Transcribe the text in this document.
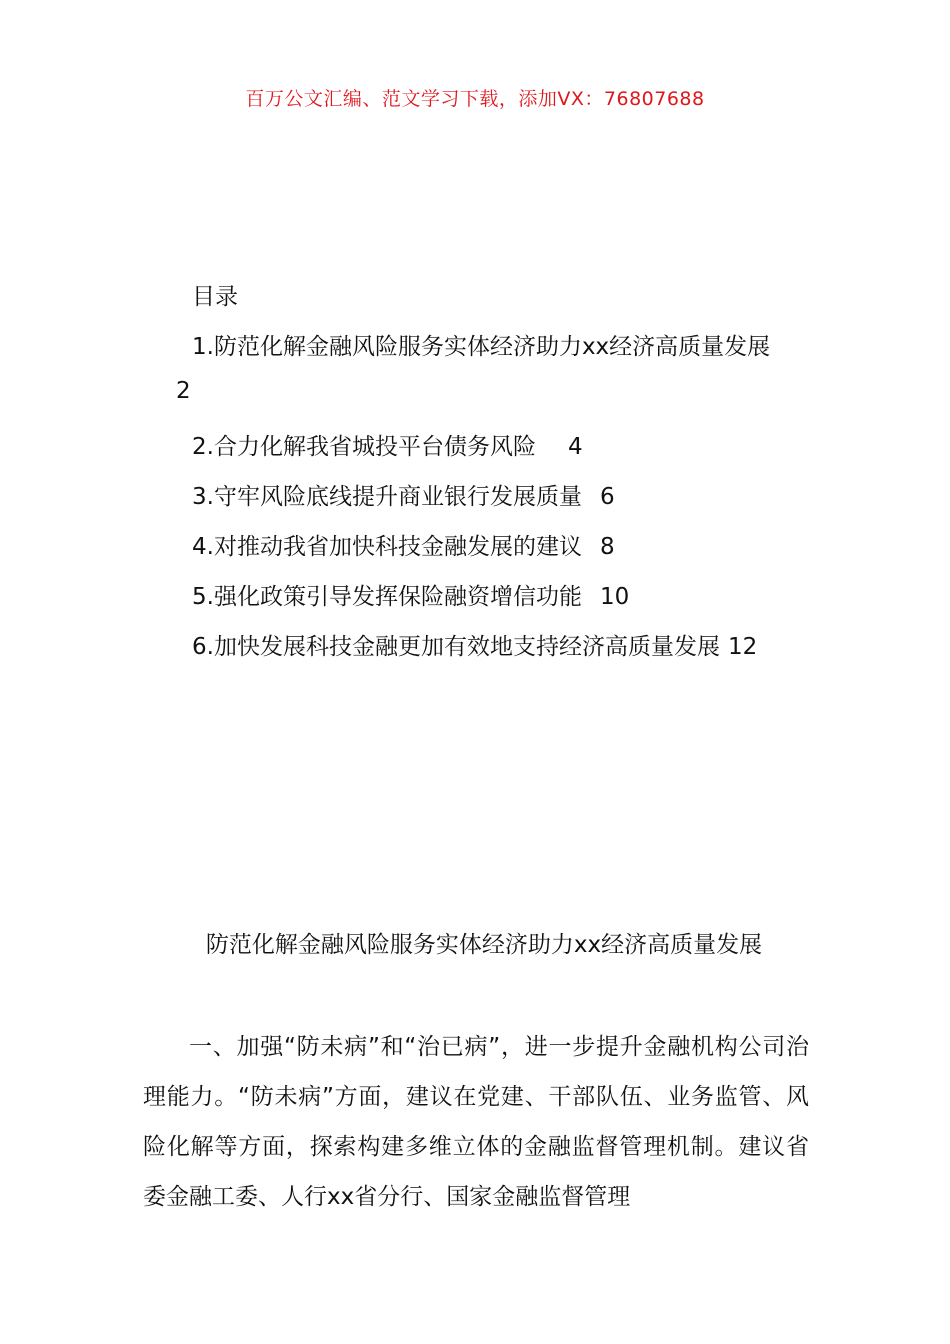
百万公文汇编、范文学习下载，添加VX：76807688
目录
1.防范化解金融风险服务实体经济助力xx经济高质量发展
2
2.合力化解我省城投平台债务风险 4
3.守牢风险底线提升商业银行发展质量 6
4.对推动我省加快科技金融发展的建议 8
5.强化政策引导发挥保险融资增信功能 10
6.加快发展科技金融更加有效地支持经济高质量发展 12
防范化解金融风险服务实体经济助力xx经济高质量发展
一、加强“防未病”和“治已病”，进一步提升金融机构公司治理能力。“防未病”方面，建议在党建、干部队伍、业务监管、风险化解等方面，探索构建多维立体的金融监督管理机制。建议省委金融工委、人行xx省分行、国家金融监督管理
